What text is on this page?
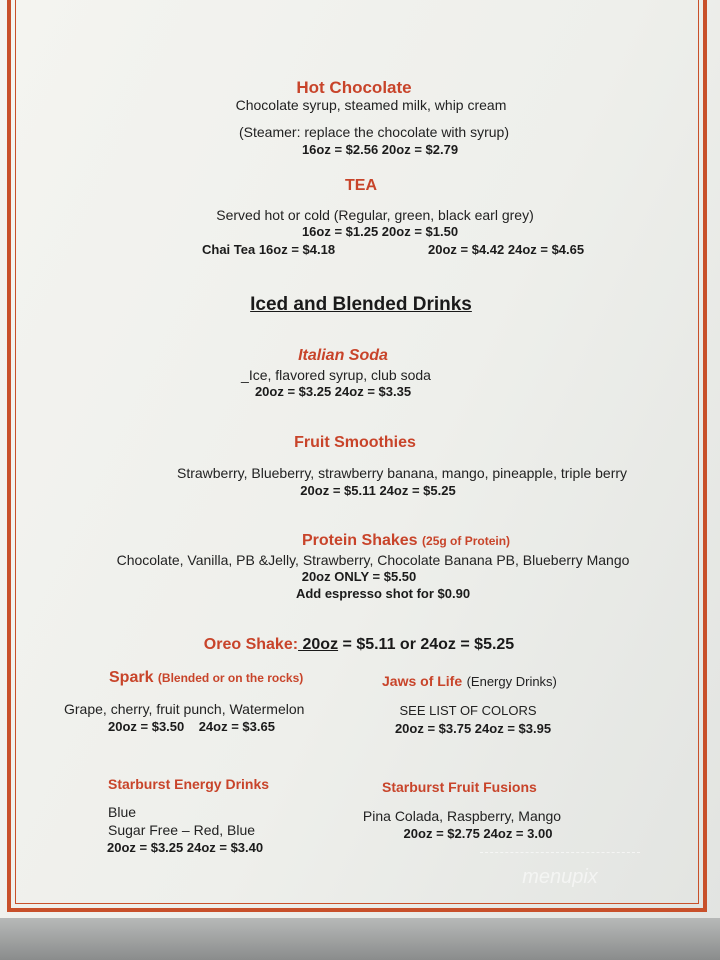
Hot Chocolate
Chocolate syrup, steamed milk, whip cream
(Steamer: replace the chocolate with syrup)
16oz = $2.56 20oz = $2.79
TEA
Served hot or cold (Regular, green, black earl grey)
16oz = $1.25 20oz = $1.50
Chai Tea 16oz = $4.18	20oz = $4.42 24oz = $4.65
Iced and Blended Drinks
Italian Soda
_Ice, flavored syrup, club soda
20oz = $3.25 24oz = $3.35
Fruit Smoothies
Strawberry, Blueberry, strawberry banana, mango, pineapple, triple berry
20oz = $5.11 24oz = $5.25
Protein Shakes (25g of Protein)
Chocolate, Vanilla, PB &Jelly, Strawberry, Chocolate Banana PB, Blueberry Mango
20oz ONLY = $5.50
Add espresso shot for $0.90
Oreo Shake: 20oz = $5.11 or 24oz = $5.25
Spark (Blended or on the rocks)
Grape, cherry, fruit punch, Watermelon
20oz = $3.50    24oz = $3.65
Jaws of Life (Energy Drinks)
SEE LIST OF COLORS
20oz = $3.75 24oz = $3.95
Starburst Energy Drinks
Blue
Sugar Free – Red, Blue
20oz = $3.25 24oz = $3.40
Starburst Fruit Fusions
Pina Colada, Raspberry, Mango
20oz = $2.75 24oz = 3.00
menupix
